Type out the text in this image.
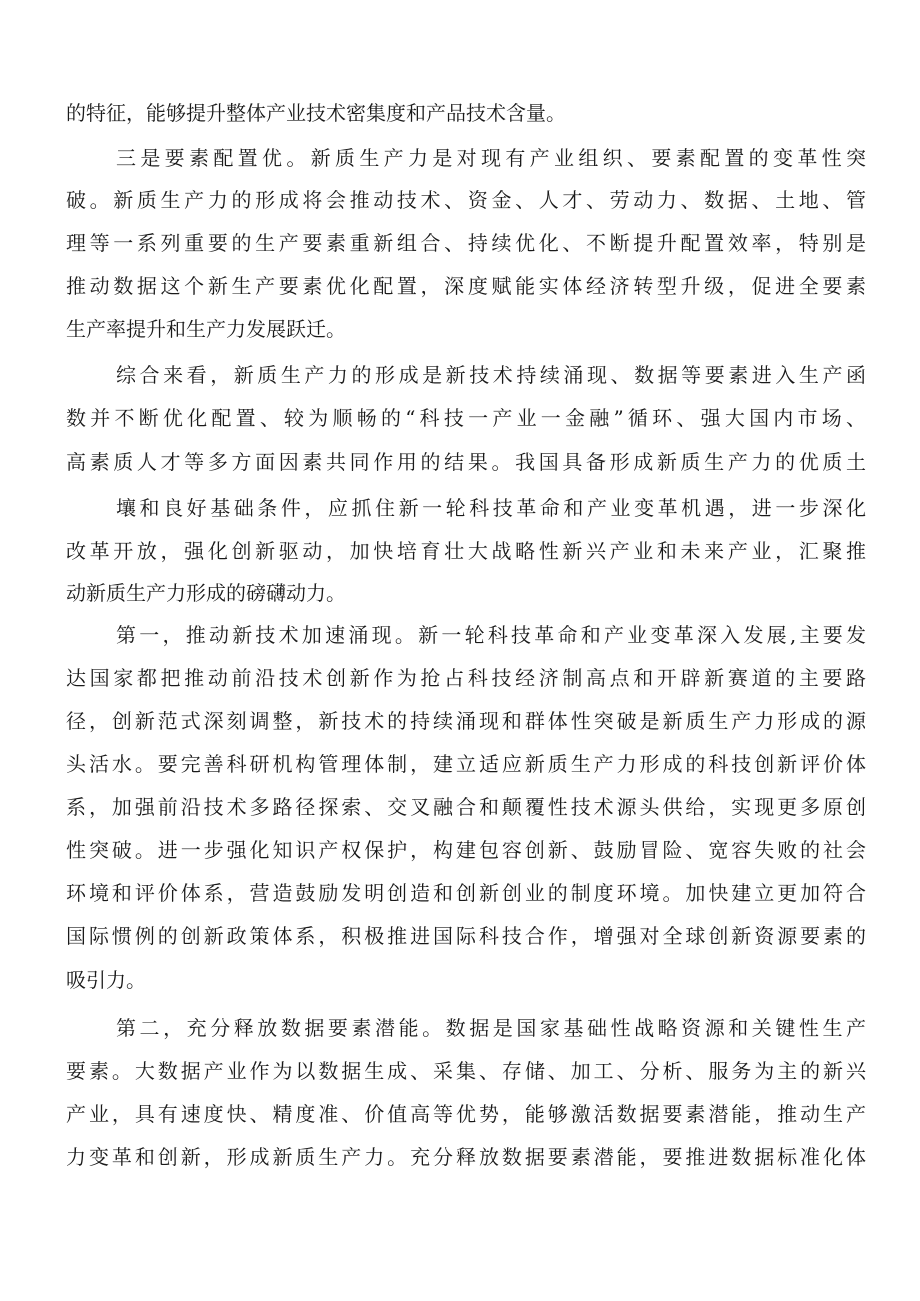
的特征，能够提升整体产业技术密集度和产品技术含量。
三是要素配置优。新质生产力是对现有产业组织、要素配置的变革性突
破。新质生产力的形成将会推动技术、资金、人才、劳动力、数据、土地、管
理等一系列重要的生产要素重新组合、持续优化、不断提升配置效率，特别是
推动数据这个新生产要素优化配置，深度赋能实体经济转型升级，促进全要素
生产率提升和生产力发展跃迁。
综合来看，新质生产力的形成是新技术持续涌现、数据等要素进入生产函
数并不断优化配置、较为顺畅的“科技一产业一金融”循环、强大国内市场、
高素质人才等多方面因素共同作用的结果。我国具备形成新质生产力的优质土
壤和良好基础条件，应抓住新一轮科技革命和产业变革机遇，进一步深化
改革开放，强化创新驱动，加快培育壮大战略性新兴产业和未来产业，汇聚推
动新质生产力形成的磅礴动力。
第一，推动新技术加速涌现。新一轮科技革命和产业变革深入发展,主要发
达国家都把推动前沿技术创新作为抢占科技经济制高点和开辟新赛道的主要路
径，创新范式深刻调整，新技术的持续涌现和群体性突破是新质生产力形成的源
头活水。要完善科研机构管理体制，建立适应新质生产力形成的科技创新评价体
系，加强前沿技术多路径探索、交叉融合和颠覆性技术源头供给，实现更多原创
性突破。进一步强化知识产权保护，构建包容创新、鼓励冒险、宽容失败的社会
环境和评价体系，营造鼓励发明创造和创新创业的制度环境。加快建立更加符合
国际惯例的创新政策体系，积极推进国际科技合作，增强对全球创新资源要素的
吸引力。
第二，充分释放数据要素潜能。数据是国家基础性战略资源和关键性生产
要素。大数据产业作为以数据生成、采集、存储、加工、分析、服务为主的新兴
产业，具有速度快、精度准、价值高等优势，能够激活数据要素潜能，推动生产
力变革和创新，形成新质生产力。充分释放数据要素潜能，要推进数据标准化体
